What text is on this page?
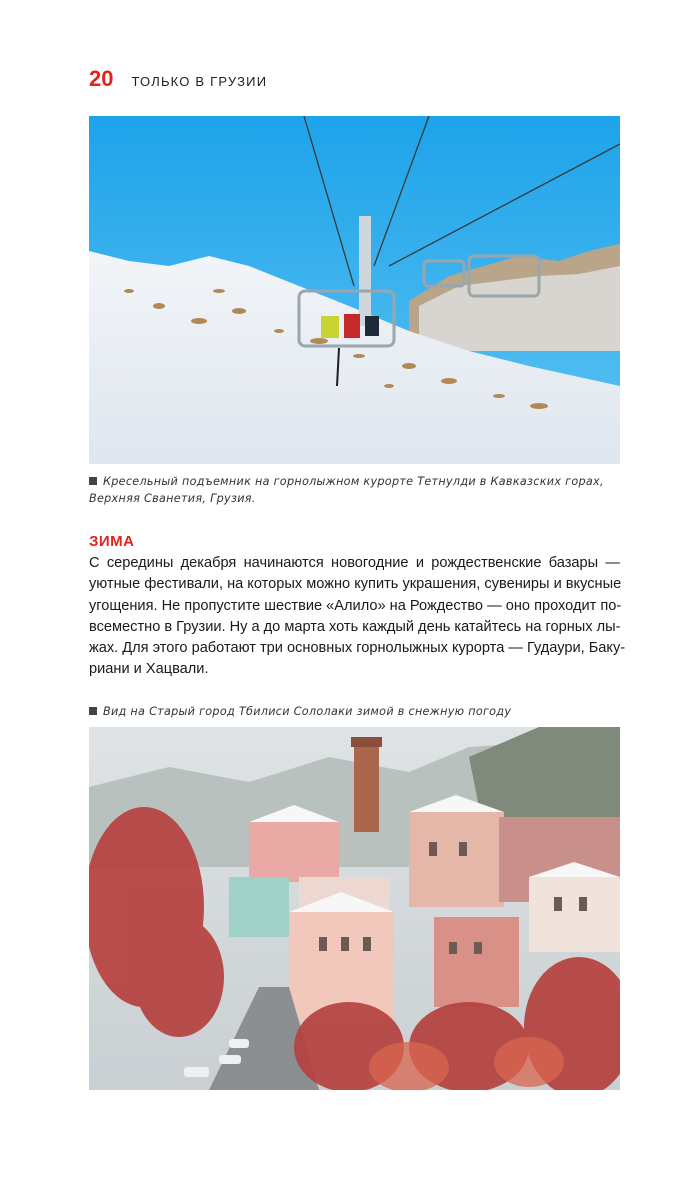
20 ТОЛЬКО В ГРУЗИИ
Кресельный подъемник на горнолыжном курорте Тетнулди в Кавказских горах,
Верхняя Сванетия, Грузия.
ЗИМА
С середины декабря начинаются новогодние и рождественские базары —
уютные фестивали, на которых можно купить украшения, сувениры и вкусные
угощения. Не пропустите шествие «Алило» на Рождество — оно проходит по-
всеместно в Грузии. Ну а до марта хоть каждый день катайтесь на горных лы-
жах. Для этого работают три основных горнолыжных курорта — Гудаури, Баку-
риани и Хацвали.
Вид на Старый город Тбилиси Сололаки зимой в снежную погоду
